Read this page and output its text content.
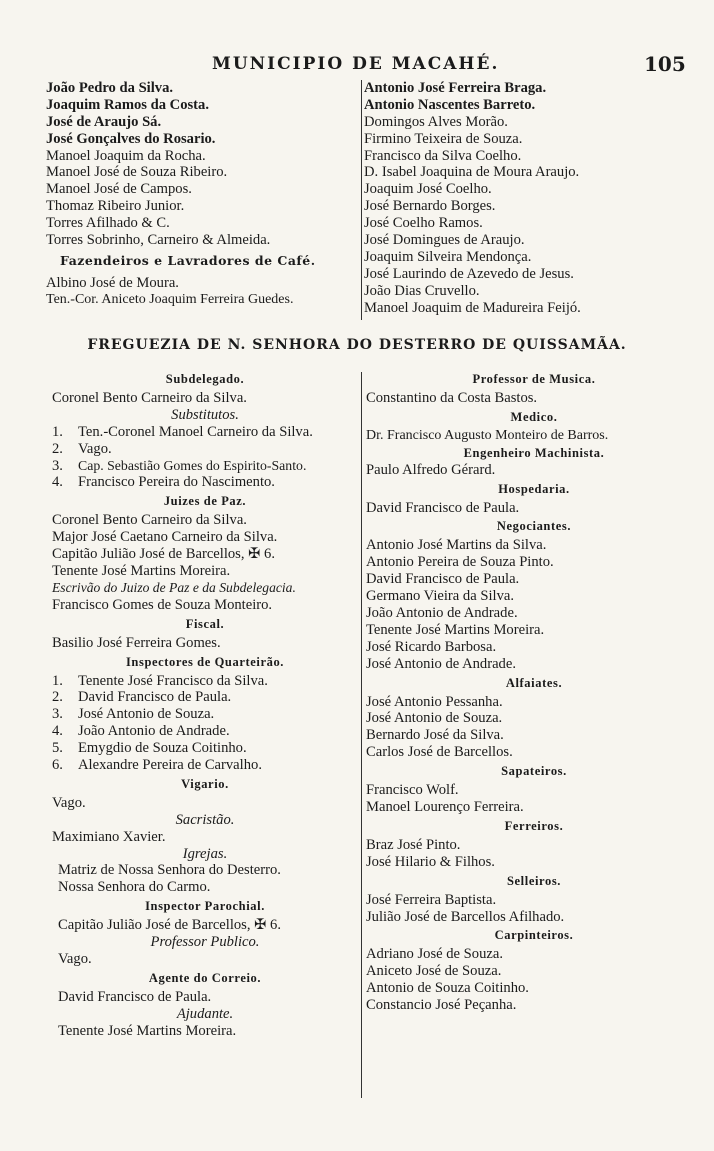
MUNICIPIO DE MACAHÉ.	105
João Pedro da Silva.
Joaquim Ramos da Costa.
José de Araujo Sá.
José Gonçalves do Rosario.
Manoel Joaquim da Rocha.
Manoel José de Souza Ribeiro.
Manoel José de Campos.
Thomaz Ribeiro Junior.
Torres Afilhado & C.
Torres Sobrinho, Carneiro & Almeida.
Fazendeiros e Lavradores de Café.
Albino José de Moura.
Ten.-Cor. Aniceto Joaquim Ferreira Guedes.
Antonio José Ferreira Braga.
Antonio Nascentes Barreto.
Domingos Alves Morão.
Firmino Teixeira de Souza.
Francisco da Silva Coelho.
D. Isabel Joaquina de Moura Araujo.
Joaquim José Coelho.
José Bernardo Borges.
José Coelho Ramos.
José Domingues de Araujo.
Joaquim Silveira Mendonça.
José Laurindo de Azevedo de Jesus.
João Dias Cruvello.
Manoel Joaquim de Madureira Feijó.
FREGUEZIA DE N. SENHORA DO DESTERRO DE QUISSAMÃA.
Subdelegado.
Coronel Bento Carneiro da Silva.
Substitutos.
1. Ten.-Coronel Manoel Carneiro da Silva.
2. Vago.
3. Cap. Sebastião Gomes do Espirito-Santo.
4. Francisco Pereira do Nascimento.
Juizes de Paz.
Coronel Bento Carneiro da Silva.
Major José Caetano Carneiro da Silva.
Capitão Julião José de Barcellos, ✠ 6.
Tenente José Martins Moreira.
Escrivão do Juizo de Paz e da Subdelegacia.
Francisco Gomes de Souza Monteiro.
Fiscal.
Basilio José Ferreira Gomes.
Inspectores de Quarteirão.
1. Tenente José Francisco da Silva.
2. David Francisco de Paula.
3. José Antonio de Souza.
4. João Antonio de Andrade.
5. Emygdio de Souza Coitinho.
6. Alexandre Pereira de Carvalho.
Vigario.
Vago.
Sacristão.
Maximiano Xavier.
Igrejas.
Matriz de Nossa Senhora do Desterro.
Nossa Senhora do Carmo.
Inspector Parochial.
Capitão Julião José de Barcellos, ✠ 6.
Professor Publico.
Vago.
Agente do Correio.
David Francisco de Paula.
Ajudante.
Tenente José Martins Moreira.
Professor de Musica.
Constantino da Costa Bastos.
Medico.
Dr. Francisco Augusto Monteiro de Barros.
Engenheiro Machinista.
Paulo Alfredo Gérard.
Hospedaria.
David Francisco de Paula.
Negociantes.
Antonio José Martins da Silva.
Antonio Pereira de Souza Pinto.
David Francisco de Paula.
Germano Vieira da Silva.
João Antonio de Andrade.
Tenente José Martins Moreira.
José Ricardo Barbosa.
José Antonio de Andrade.
Alfaiates.
José Antonio Pessanha.
José Antonio de Souza.
Bernardo José da Silva.
Carlos José de Barcellos.
Sapateiros.
Francisco Wolf.
Manoel Lourenço Ferreira.
Ferreiros.
Braz José Pinto.
José Hilario & Filhos.
Selleiros.
José Ferreira Baptista.
Julião José de Barcellos Afilhado.
Carpinteiros.
Adriano José de Souza.
Aniceto José de Souza.
Antonio de Souza Coitinho.
Constancio José Peçanha.
